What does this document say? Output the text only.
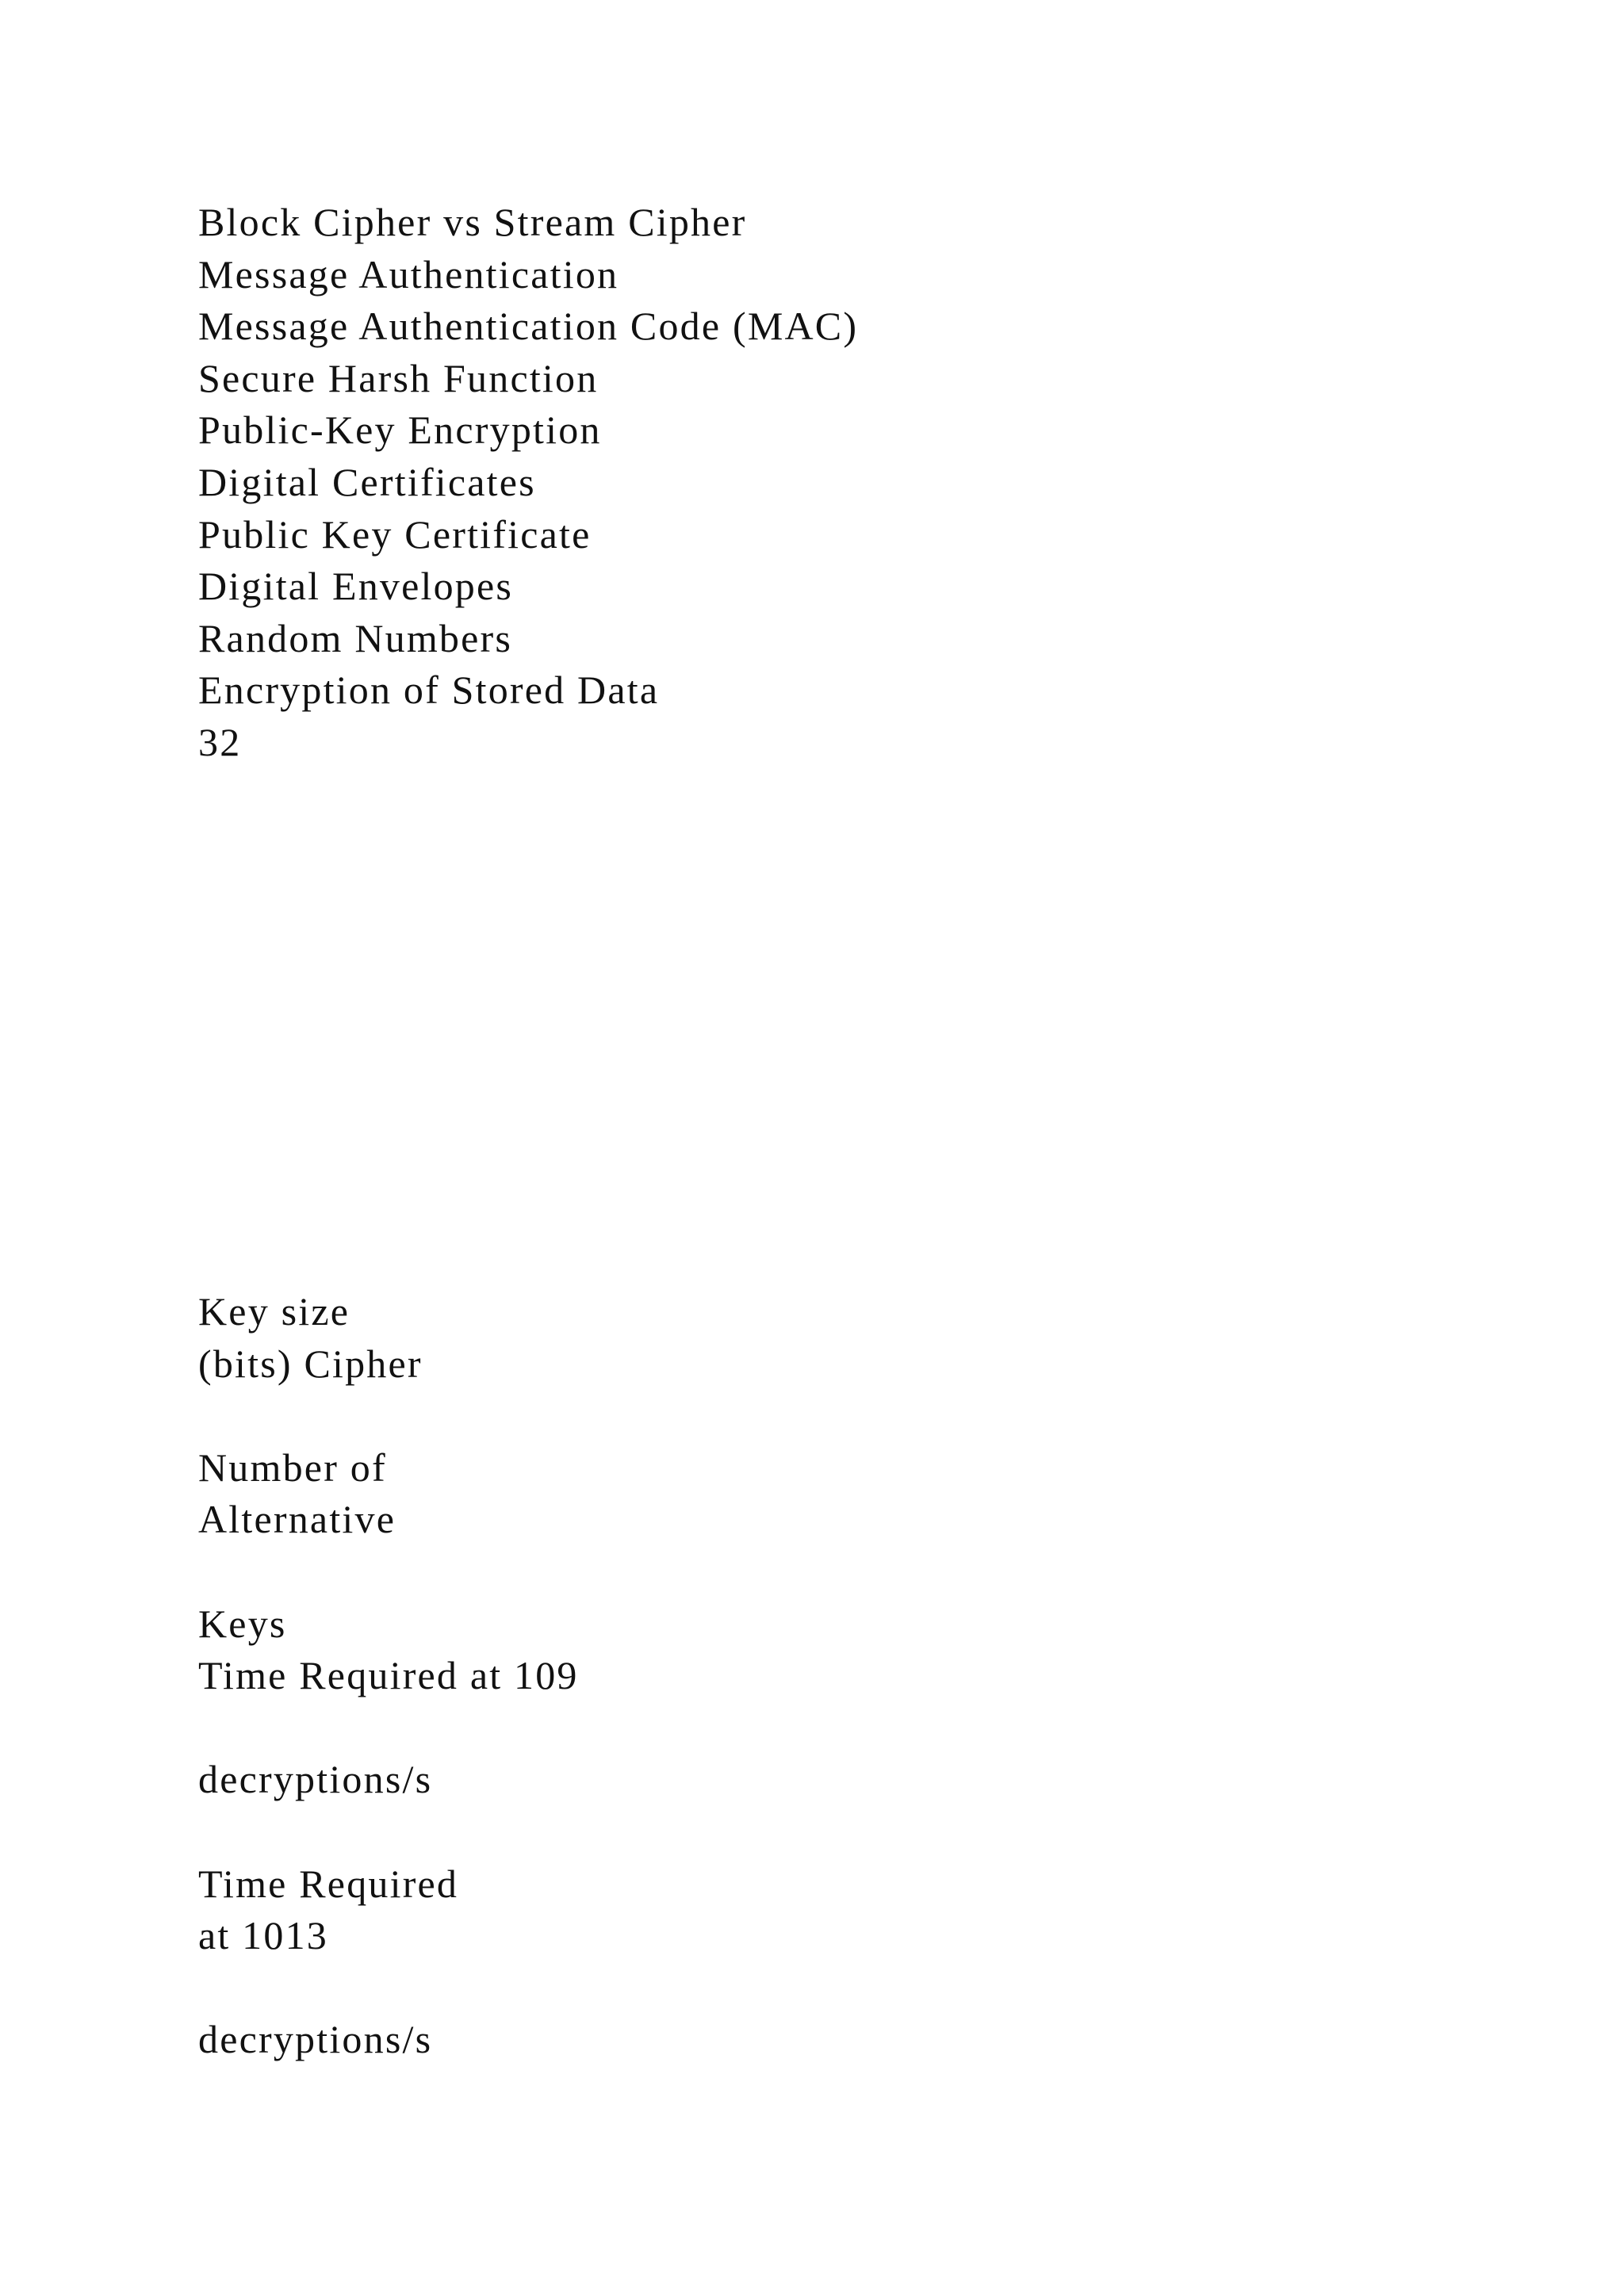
Block Cipher vs Stream Cipher
Message Authentication
Message Authentication Code (MAC)
Secure Harsh Function
Public-Key Encryption
Digital Certificates
Public Key Certificate
Digital Envelopes
Random Numbers
Encryption of Stored Data
32
Key size
(bits) Cipher
Number of
Alternative
Keys
Time Required at 109
decryptions/s
Time Required
at 1013
decryptions/s
